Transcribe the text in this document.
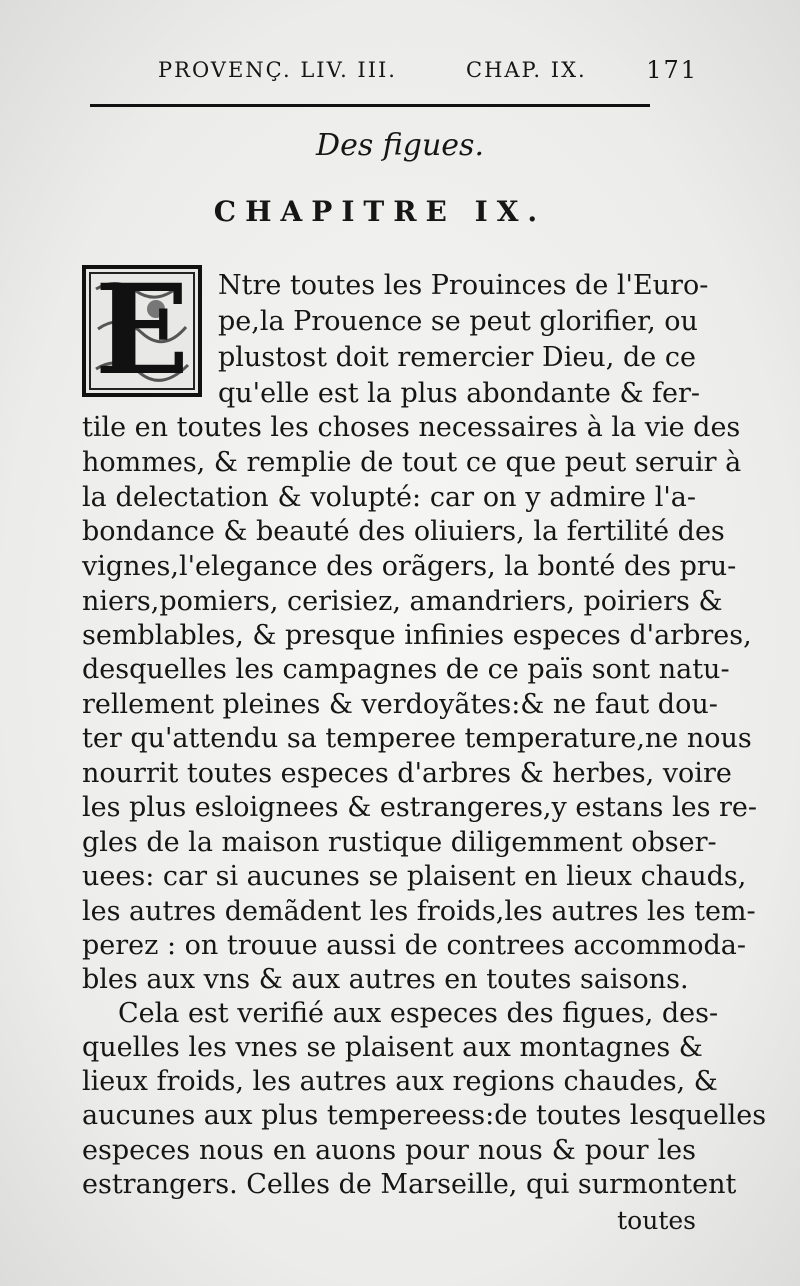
PROVENÇ. LIV. III.	CHAP. IX. 171
Des figues.
CHAPITRE IX.
E	Ntre toutes les Prouinces de l'Euro-
pe,la Prouence se peut glorifier, ou
plustost doit remercier Dieu, de ce
qu'elle est la plus abondante & fer-
tile en toutes les choses necessaires à la vie des
hommes, & remplie de tout ce que peut seruir à
la delectation & volupté: car on y admire l'a-
bondance & beauté des oliuiers, la fertilité des
vignes,l'elegance des orãgers, la bonté des pru-
niers,pomiers, cerisiez, amandriers, poiriers &
semblables, & presque infinies especes d'arbres,
desquelles les campagnes de ce païs sont natu-
rellement pleines & verdoyãtes:& ne faut dou-
ter qu'attendu sa temperee temperature,ne nous
nourrit toutes especes d'arbres & herbes, voire
les plus esloignees & estrangeres,y estans les re-
gles de la maison rustique diligemment obser-
uees: car si aucunes se plaisent en lieux chauds,
les autres demãdent les froids,les autres les tem-
perez : on trouue aussi de contrees accommoda-
bles aux vns & aux autres en toutes saisons.
Cela est verifié aux especes des figues, des-
quelles les vnes se plaisent aux montagnes &
lieux froids, les autres aux regions chaudes, &
aucunes aux plus tempereess:de toutes lesquelles
especes nous en auons pour nous & pour les
estrangers. Celles de Marseille, qui surmontent
toutes
